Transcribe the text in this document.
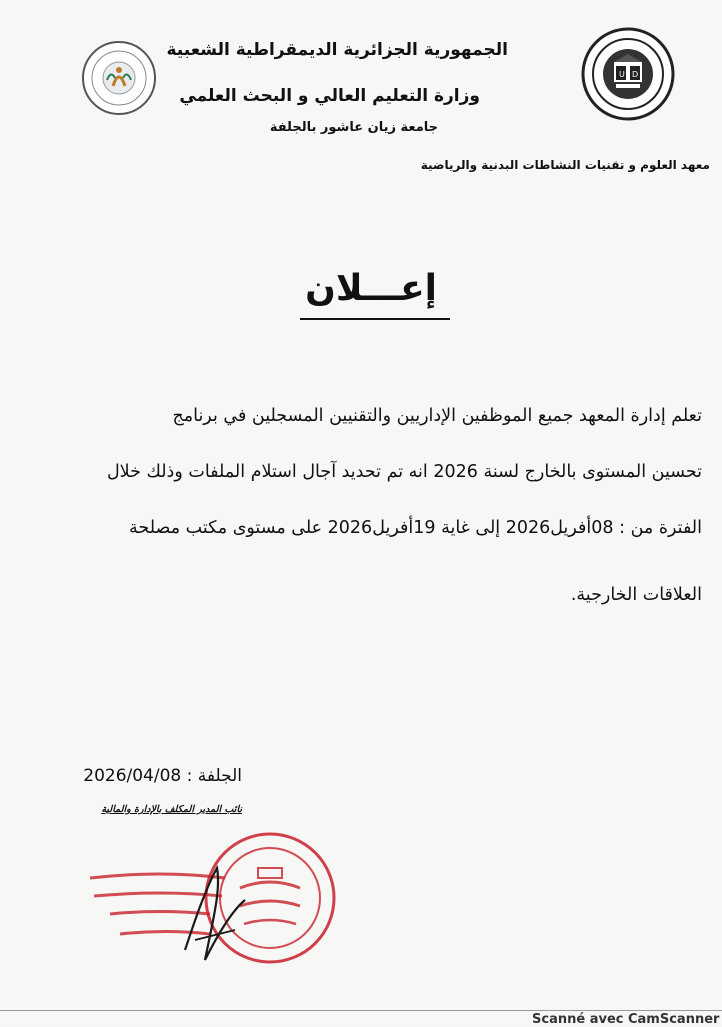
U D
الجمهورية الجزائرية الديمقراطية الشعبية
وزارة التعليم العالي و البحث العلمي
جامعة زيان عاشور بالجلفة
معهد العلوم و تقنيات النشاطات البدنية والرياضية
إعـــلان
تعلم إدارة المعهد جميع الموظفين الإداريين والتقنيين المسجلين في برنامج
تحسين المستوى بالخارج لسنة 2026 انه تم تحديد آجال استلام الملفات وذلك خلال
الفترة من : 08أفريل2026 إلى غاية 19أفريل2026 على مستوى مكتب مصلحة
العلاقات الخارجية.
الجلفة : 2026/04/08
نائب المدير المكلف بالإدارة والمالية
Scanné avec CamScanner
